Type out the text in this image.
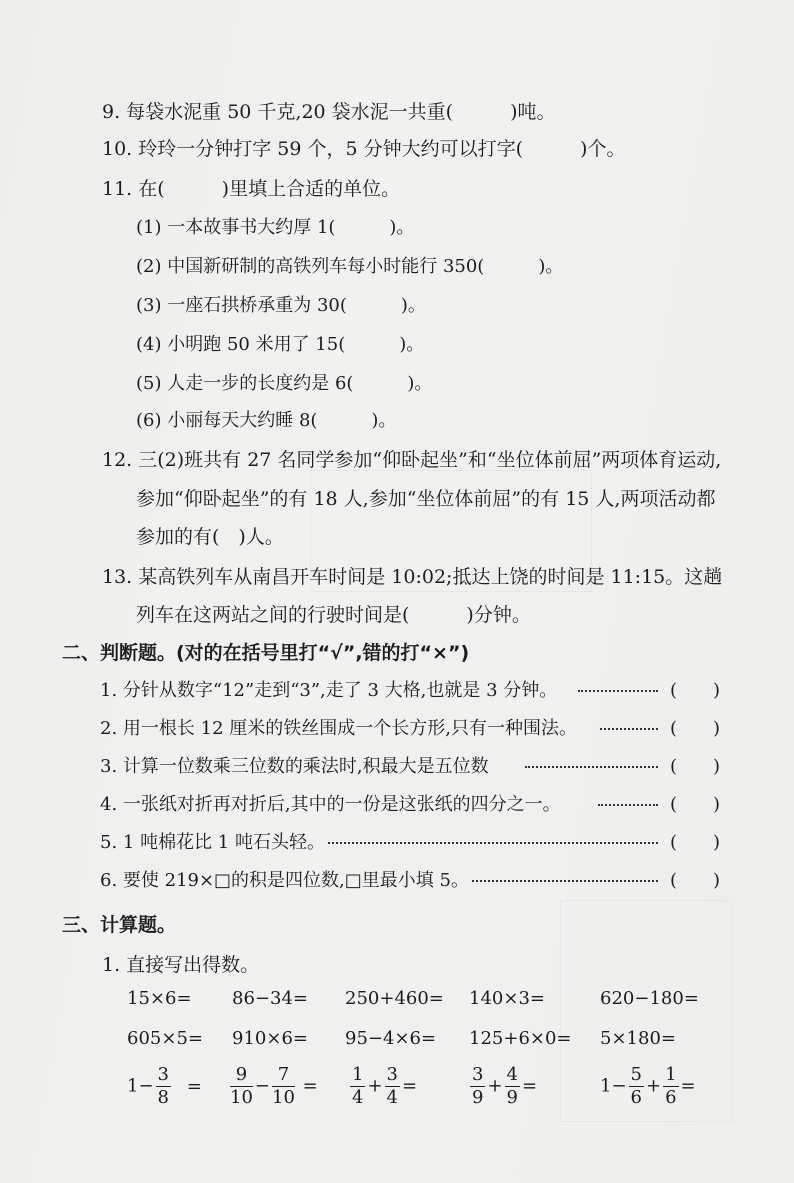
9. 每袋水泥重 50 千克,20 袋水泥一共重(　　　)吨。
10. 玲玲一分钟打字 59 个，5 分钟大约可以打字(　　　)个。
11. 在(　　　)里填上合适的单位。
(1) 一本故事书大约厚 1(　　　)。
(2) 中国新研制的高铁列车每小时能行 350(　　　)。
(3) 一座石拱桥承重为 30(　　　)。
(4) 小明跑 50 米用了 15(　　　)。
(5) 人走一步的长度约是 6(　　　)。
(6) 小丽每天大约睡 8(　　　)。
12. 三(2)班共有 27 名同学参加“仰卧起坐”和“坐位体前屈”两项体育运动,
参加“仰卧起坐”的有 18 人,参加“坐位体前屈”的有 15 人,两项活动都
参加的有(　)人。
13. 某高铁列车从南昌开车时间是 10:02;抵达上饶的时间是 11:15。这趟
列车在这两站之间的行驶时间是(　　　)分钟。
二、判断题。(对的在括号里打“√”,错的打“×”)
1. 分针从数字“12”走到“3”,走了 3 大格,也就是 3 分钟。	(　　)
2. 用一根长 12 厘米的铁丝围成一个长方形,只有一种围法。	(　　)
3. 计算一位数乘三位数的乘法时,积最大是五位数	(　　)
4. 一张纸对折再对折后,其中的一份是这张纸的四分之一。	(　　)
5. 1 吨棉花比 1 吨石头轻。	(　　)
6. 要使 219×□的积是四位数,□里最小填 5。	(　　)
三、计算题。
1. 直接写出得数。
15×6= 86−34= 250+460= 140×3=	620−180=
605×5= 910×6= 95−4×6= 125+6×0= 5×180=
$1- \frac{3}{8} = \frac{9}{10} - \frac{7}{10} = \frac{1}{4} + \frac{3}{4}$ =	$\frac{3}{9} + \frac{4}{9}$ =	$1- \frac{5}{6} + \frac{1}{6}$ =
